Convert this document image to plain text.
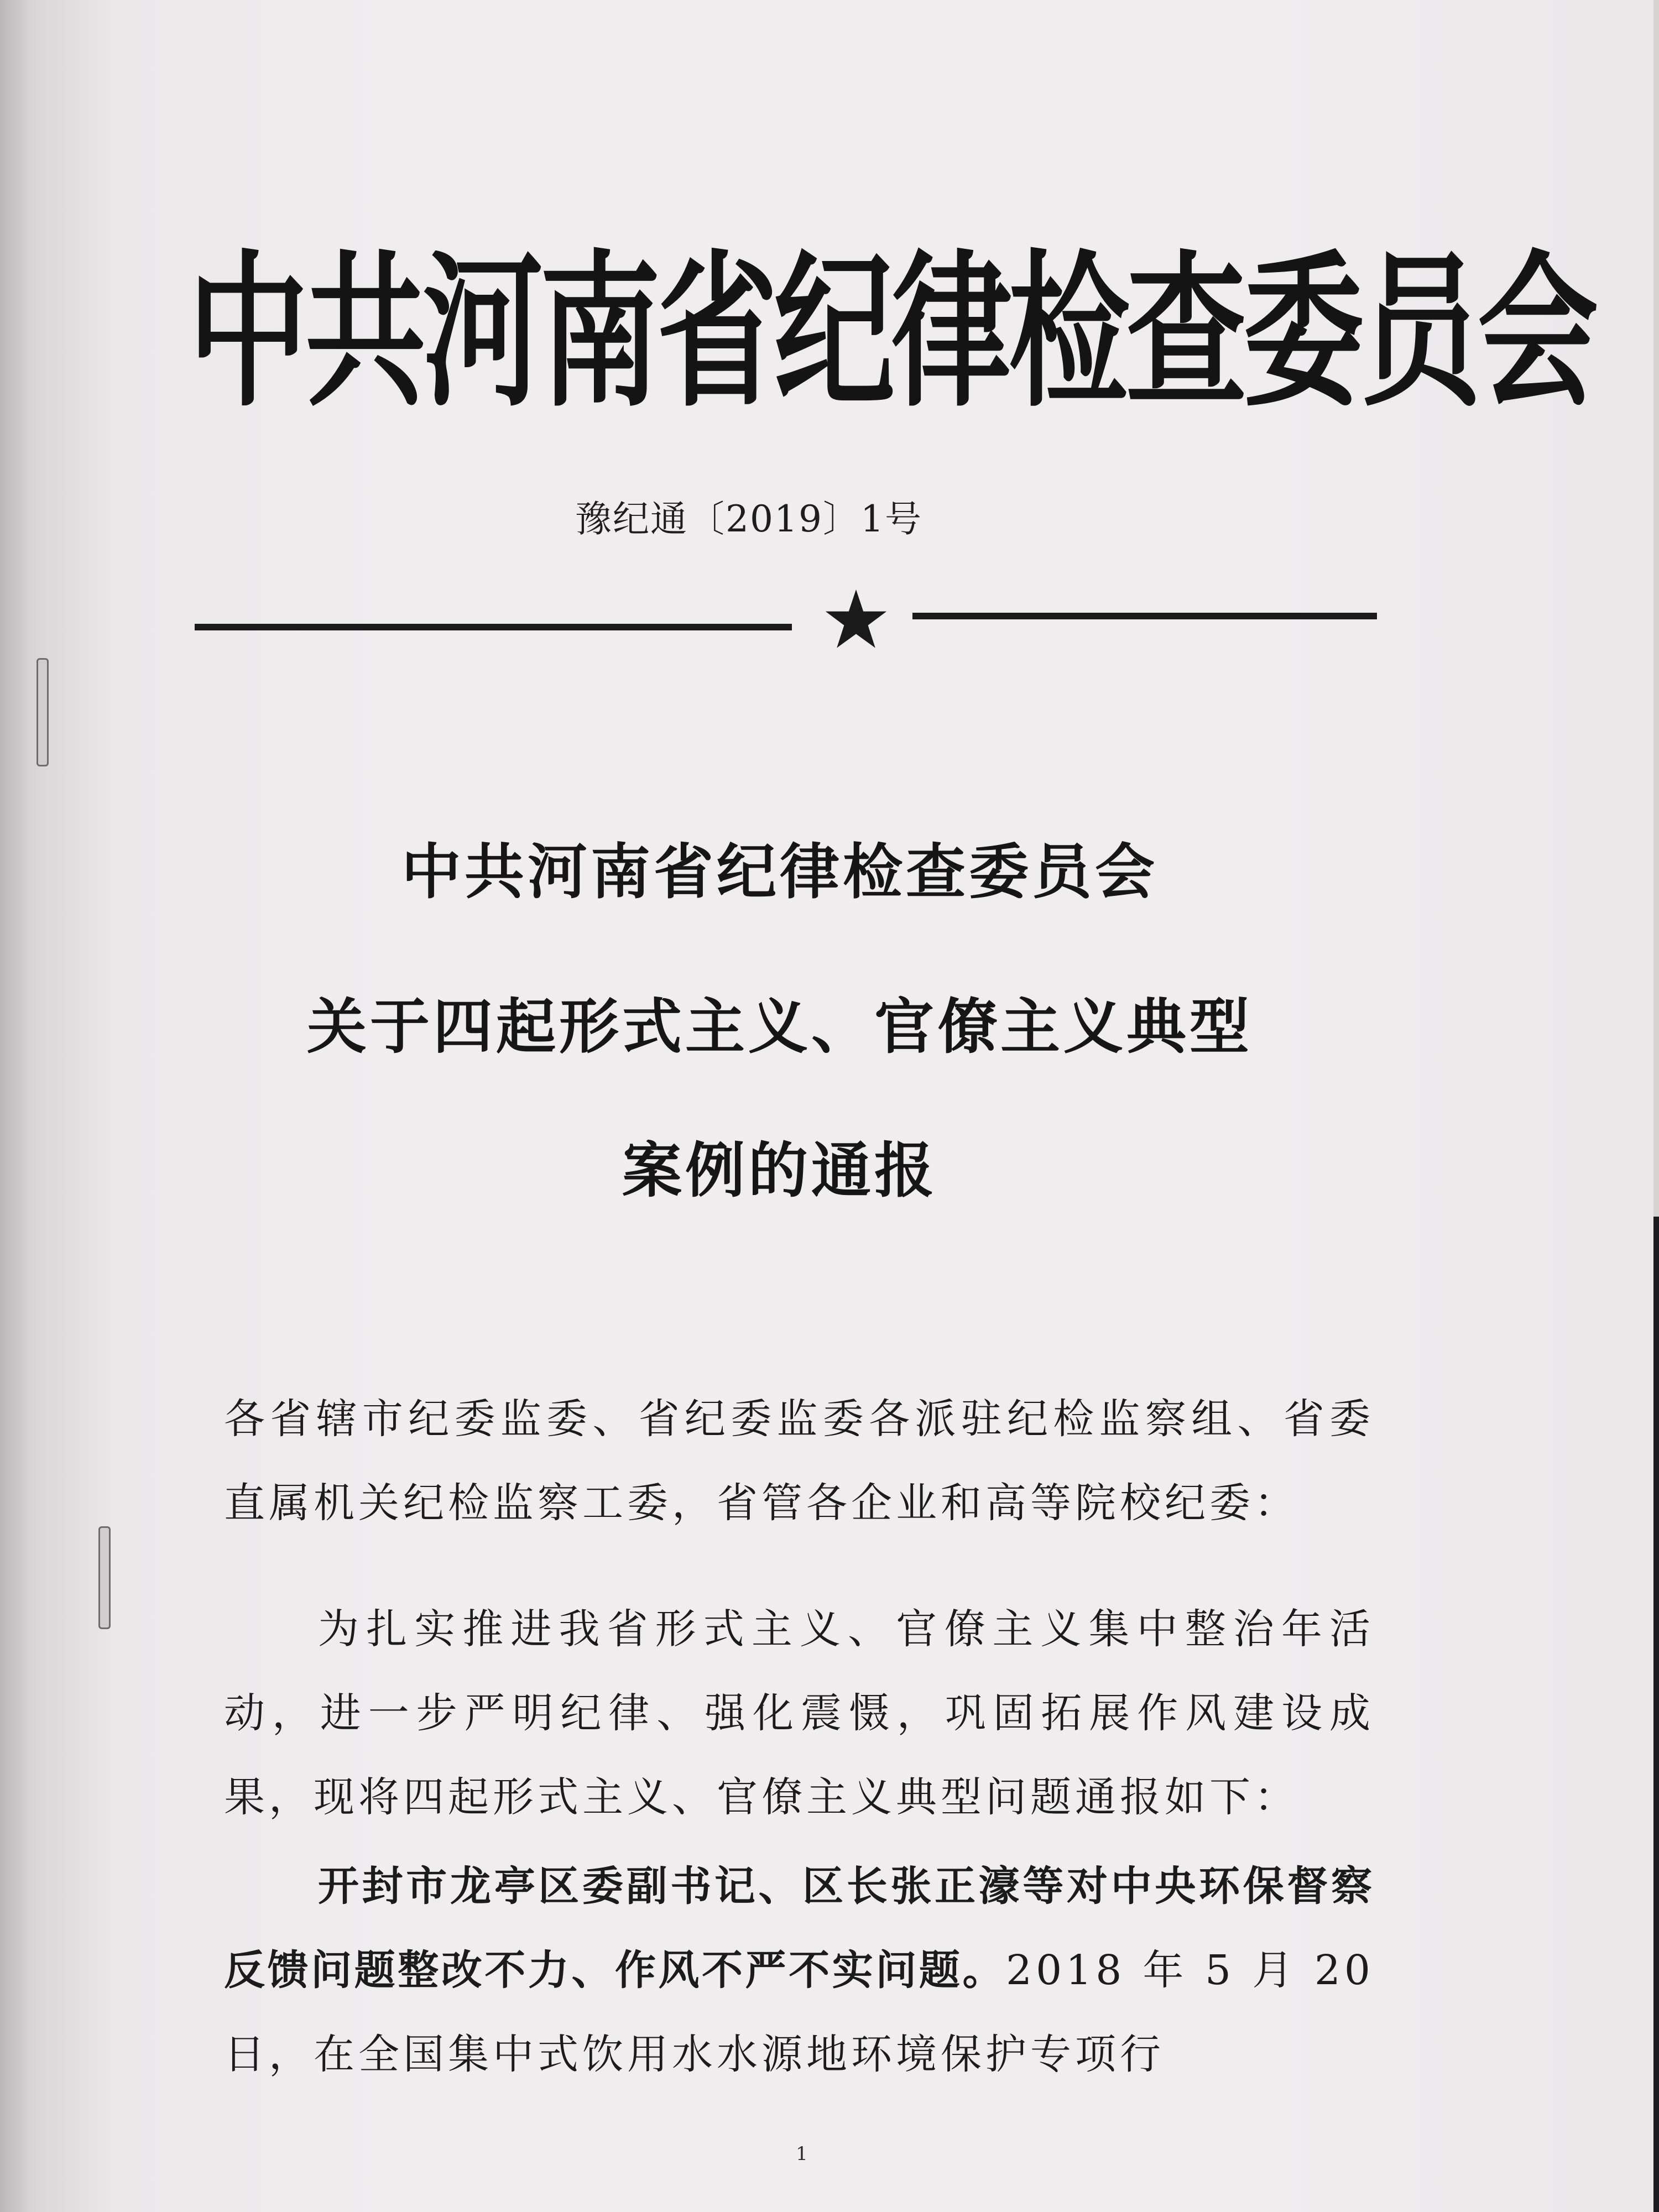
中共河南省纪律检查委员会
豫纪通〔2019〕1号
中共河南省纪律检查委员会
关于四起形式主义、官僚主义典型
案例的通报
各省辖市纪委监委、省纪委监委各派驻纪检监察组、省委直属机关纪检监察工委，省管各企业和高等院校纪委：
为扎实推进我省形式主义、官僚主义集中整治年活动，进一步严明纪律、强化震慑，巩固拓展作风建设成果，现将四起形式主义、官僚主义典型问题通报如下：
开封市龙亭区委副书记、区长张正濠等对中央环保督察反馈问题整改不力、作风不严不实问题。2018 年 5 月 20 日，在全国集中式饮用水水源地环境保护专项行
1
